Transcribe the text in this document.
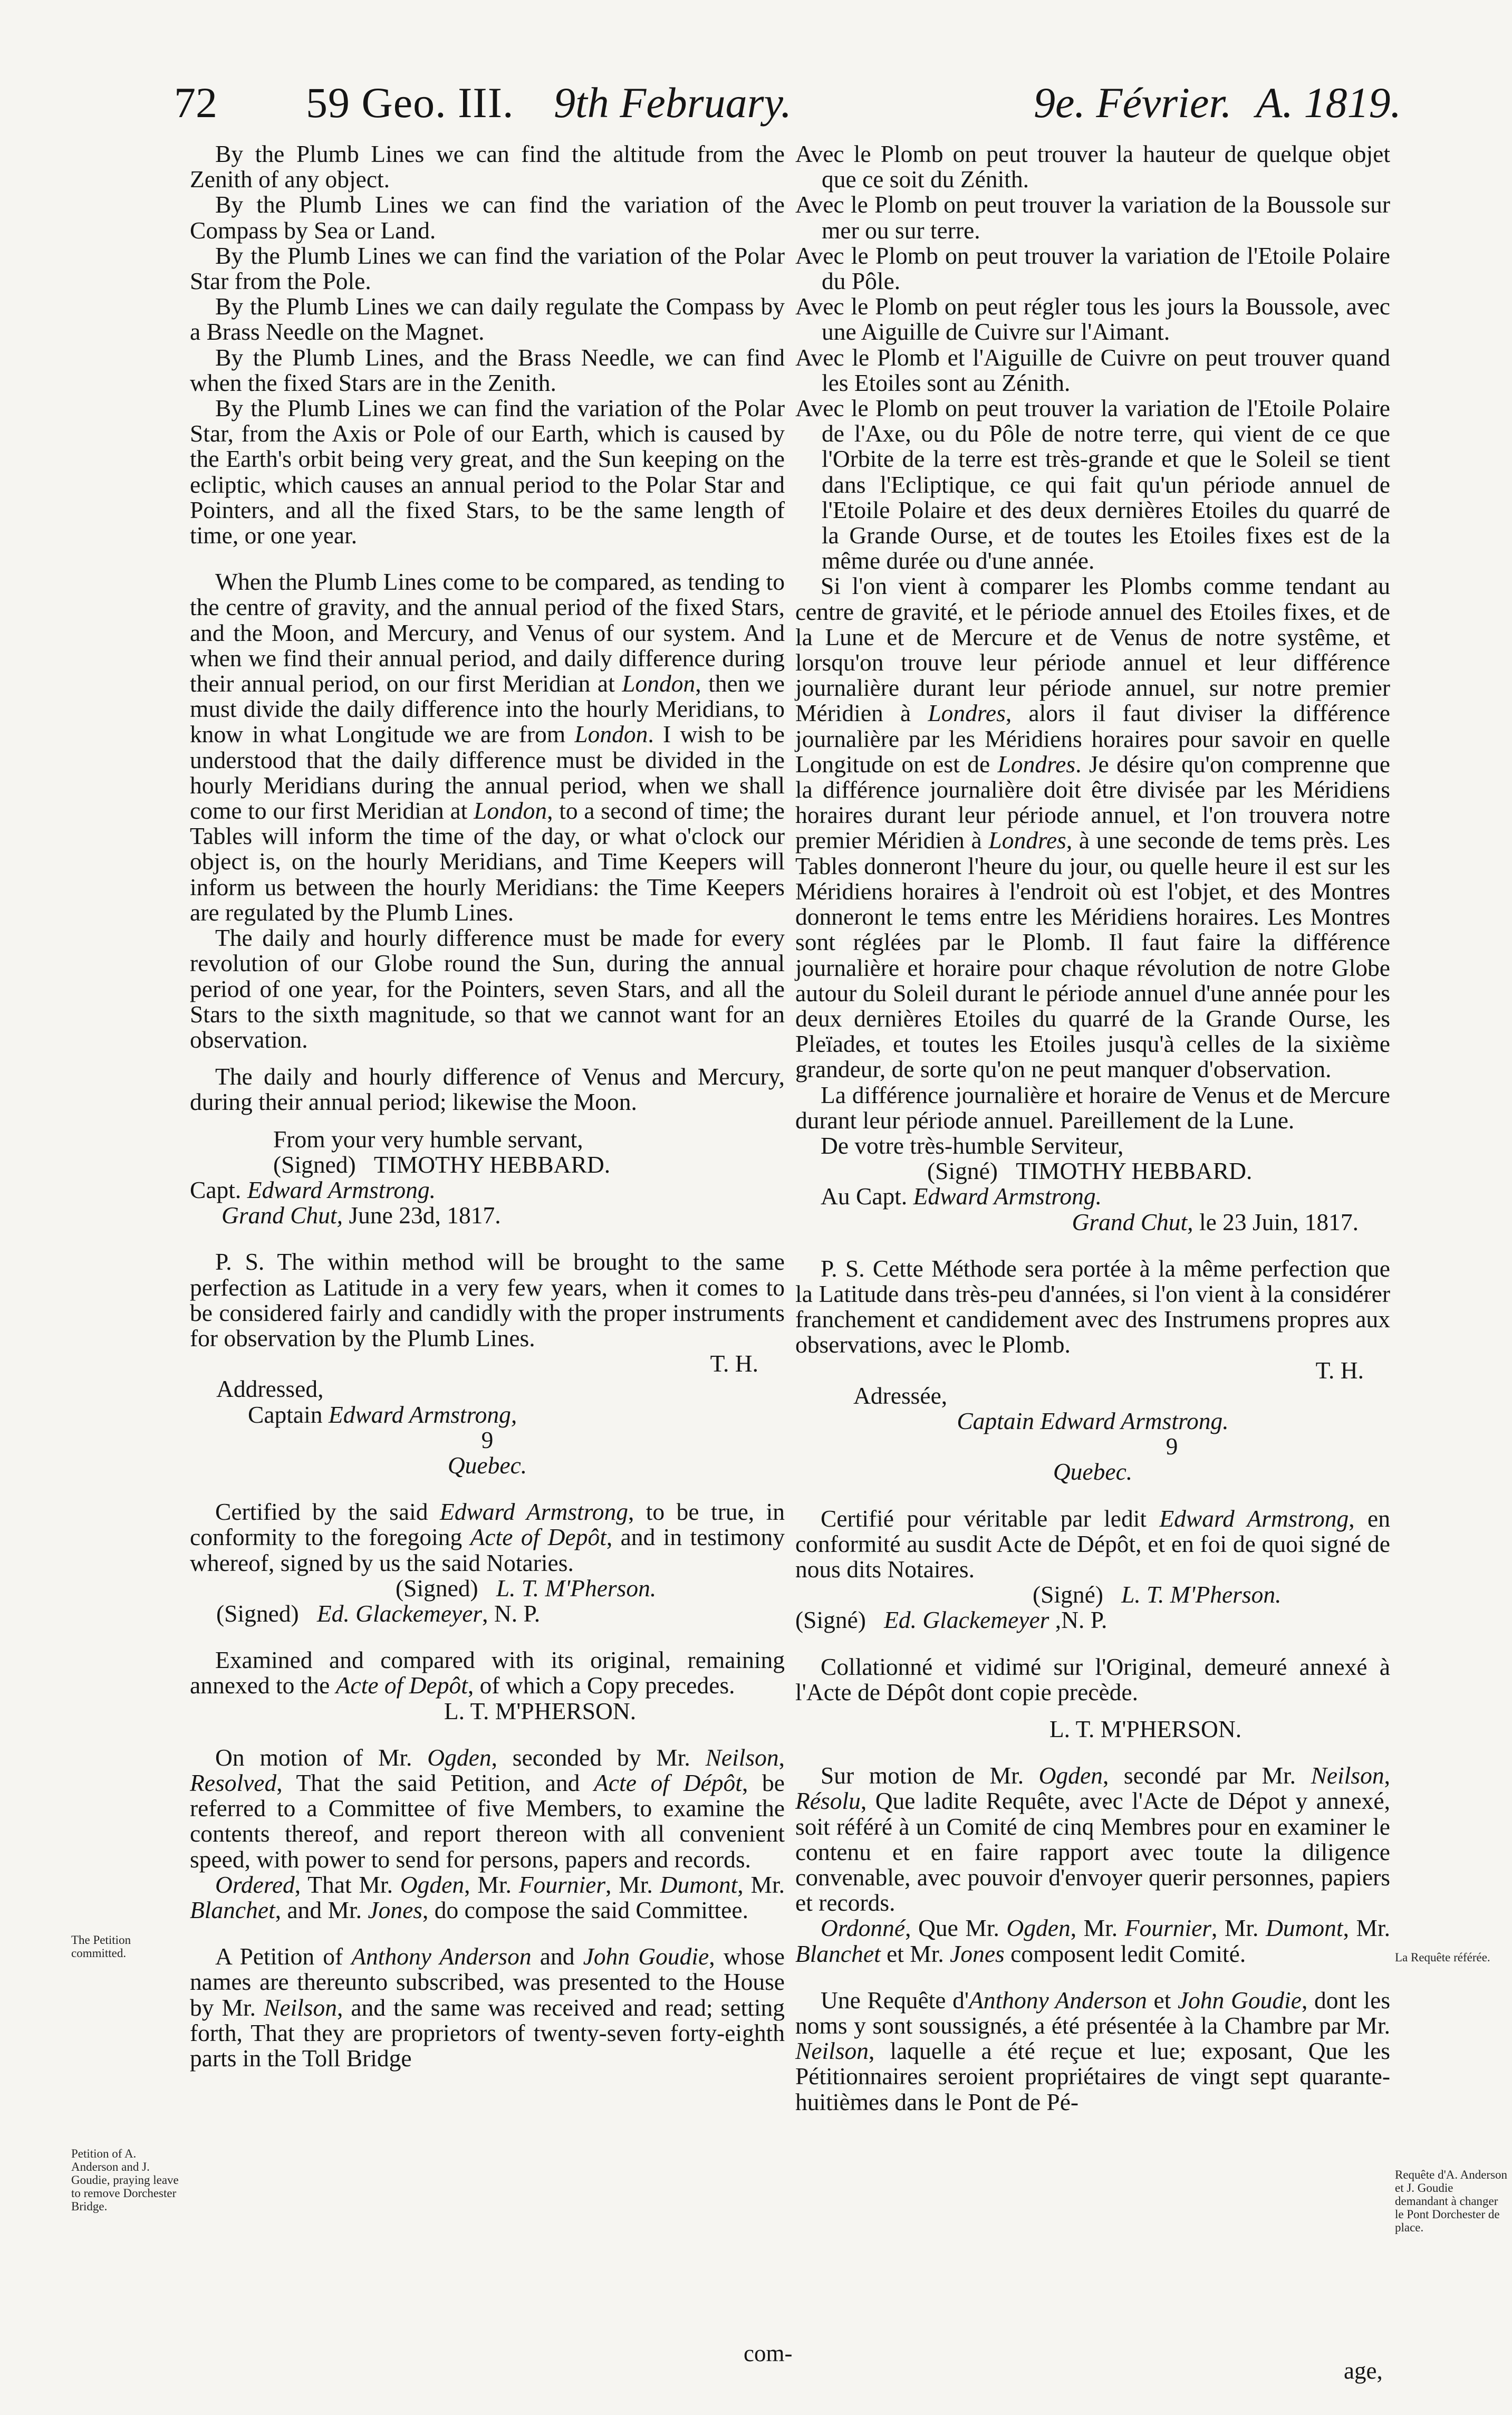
72 59 Geo. III. 9th February.	9e. Février. A. 1819.

By the Plumb Lines we can find the altitude from the Zenith of any object.

By the Plumb Lines we can find the variation of the Compass by Sea or Land.

By the Plumb Lines we can find the variation of the Polar Star from the Pole.

By the Plumb Lines we can daily regulate the Compass by a Brass Needle on the Magnet.

By the Plumb Lines, and the Brass Needle, we can find when the fixed Stars are in the Zenith.

By the Plumb Lines we can find the variation of the Polar Star, from the Axis or Pole of our Earth, which is caused by the Earth's orbit being very great, and the Sun keeping on the ecliptic, which causes an annual period to the Polar Star and Pointers, and all the fixed Stars, to be the same length of time, or one year.

When the Plumb Lines come to be compared, as tending to the centre of gravity, and the annual period of the fixed Stars, and the Moon, and Mercury, and Venus of our system. And when we find their annual period, and daily difference during their annual period, on our first Meridian at London, then we must divide the daily difference into the hourly Meridians, to know in what Longitude we are from London. I wish to be understood that the daily difference must be divided in the hourly Meridians during the annual period, when we shall come to our first Meridian at London, to a second of time; the Tables will inform the time of the day, or what o'clock our object is, on the hourly Meridians, and Time Keepers will inform us between the hourly Meridians: the Time Keepers are regulated by the Plumb Lines.

The daily and hourly difference must be made for every revolution of our Globe round the Sun, during the annual period of one year, for the Pointers, seven Stars, and all the Stars to the sixth magnitude, so that we cannot want for an observation.

The daily and hourly difference of Venus and Mercury, during their annual period; likewise the Moon.

From your very humble servant,

(Signed) TIMOTHY HEBBARD.

Capt. Edward Armstrong.

Grand Chut, June 23d, 1817.

P. S. The within method will be brought to the same perfection as Latitude in a very few years, when it comes to be considered fairly and candidly with the proper instruments for observation by the Plumb Lines.

T. H.

Addressed,

Captain Edward Armstrong,

9

Quebec.

Certified by the said Edward Armstrong, to be true, in conformity to the foregoing Acte of Depôt, and in testimony whereof, signed by us the said Notaries.

(Signed) L. T. M'Pherson.

(Signed) Ed. Glackemeyer, N. P.

Examined and compared with its original, remaining annexed to the Acte of Depôt, of which a Copy precedes.

L. T. M'PHERSON.

On motion of Mr. Ogden, seconded by Mr. Neilson, Resolved, That the said Petition, and Acte of Dépôt, be referred to a Committee of five Members, to examine the contents thereof, and report thereon with all convenient speed, with power to send for persons, papers and records.

Ordered, That Mr. Ogden, Mr. Fournier, Mr. Dumont, Mr. Blanchet, and Mr. Jones, do compose the said Committee.

A Petition of Anthony Anderson and John Goudie, whose names are thereunto subscribed, was presented to the House by Mr. Neilson, and the same was received and read; setting forth, That they are proprietors of twenty-seven forty-eighth parts in the Toll Bridge

Avec le Plomb on peut trouver la hauteur de quelque objet que ce soit du Zénith.

Avec le Plomb on peut trouver la variation de la Boussole sur mer ou sur terre.

Avec le Plomb on peut trouver la variation de l'Etoile Polaire du Pôle.

Avec le Plomb on peut régler tous les jours la Boussole, avec une Aiguille de Cuivre sur l'Aimant.

Avec le Plomb et l'Aiguille de Cuivre on peut trouver quand les Etoiles sont au Zénith.

Avec le Plomb on peut trouver la variation de l'Etoile Polaire de l'Axe, ou du Pôle de notre terre, qui vient de ce que l'Orbite de la terre est très-grande et que le Soleil se tient dans l'Ecliptique, ce qui fait qu'un période annuel de l'Etoile Polaire et des deux dernières Etoiles du quarré de la Grande Ourse, et de toutes les Etoiles fixes est de la même durée ou d'une année.

Si l'on vient à comparer les Plombs comme tendant au centre de gravité, et le période annuel des Etoiles fixes, et de la Lune et de Mercure et de Venus de notre systême, et lorsqu'on trouve leur période annuel et leur différence journalière durant leur période annuel, sur notre premier Méridien à Londres, alors il faut diviser la différence journalière par les Méridiens horaires pour savoir en quelle Longitude on est de Londres. Je désire qu'on comprenne que la différence journalière doit être divisée par les Méridiens horaires durant leur période annuel, et l'on trouvera notre premier Méridien à Londres, à une seconde de tems près. Les Tables donneront l'heure du jour, ou quelle heure il est sur les Méridiens horaires à l'endroit où est l'objet, et des Montres donneront le tems entre les Méridiens horaires. Les Montres sont réglées par le Plomb. Il faut faire la différence journalière et horaire pour chaque révolution de notre Globe autour du Soleil durant le période annuel d'une année pour les deux dernières Etoiles du quarré de la Grande Ourse, les Pleïades, et toutes les Etoiles jusqu'à celles de la sixième grandeur, de sorte qu'on ne peut manquer d'observation.

La différence journalière et horaire de Venus et de Mercure durant leur période annuel. Pareillement de la Lune.

De votre très-humble Serviteur,

(Signé) TIMOTHY HEBBARD.

Au Capt. Edward Armstrong.

Grand Chut, le 23 Juin, 1817.

P. S. Cette Méthode sera portée à la même perfection que la Latitude dans très-peu d'années, si l'on vient à la considérer franchement et candidement avec des Instrumens propres aux observations, avec le Plomb.

T. H.

Adressée,

Captain Edward Armstrong.

9

Quebec.

Certifié pour véritable par ledit Edward Armstrong, en conformité au susdit Acte de Dépôt, et en foi de quoi signé de nous dits Notaires.

(Signé) L. T. M'Pherson.

(Signé) Ed. Glackemeyer ,N. P.

Collationné et vidimé sur l'Original, demeuré annexé à l'Acte de Dépôt dont copie precède.

L. T. M'PHERSON.

Sur motion de Mr. Ogden, secondé par Mr. Neilson, Résolu, Que ladite Requête, avec l'Acte de Dépot y annexé, soit référé à un Comité de cinq Membres pour en examiner le contenu et en faire rapport avec toute la diligence convenable, avec pouvoir d'envoyer querir personnes, papiers et records.

Ordonné, Que Mr. Ogden, Mr. Fournier, Mr. Dumont, Mr. Blanchet et Mr. Jones composent ledit Comité.

Une Requête d'Anthony Anderson et John Goudie, dont les noms y sont soussignés, a été présentée à la Chambre par Mr. Neilson, laquelle a été reçue et lue; exposant, Que les Pétitionnaires seroient propriétaires de vingt sept quarante-huitièmes dans le Pont de Pé-

The Petition committed.
Petition of A. Anderson and J. Goudie, praying leave to remove Dorchester Bridge.
La Requête référée.
Requête d'A. Anderson et J. Goudie demandant à changer le Pont Dorchester de place.
com-
age,
